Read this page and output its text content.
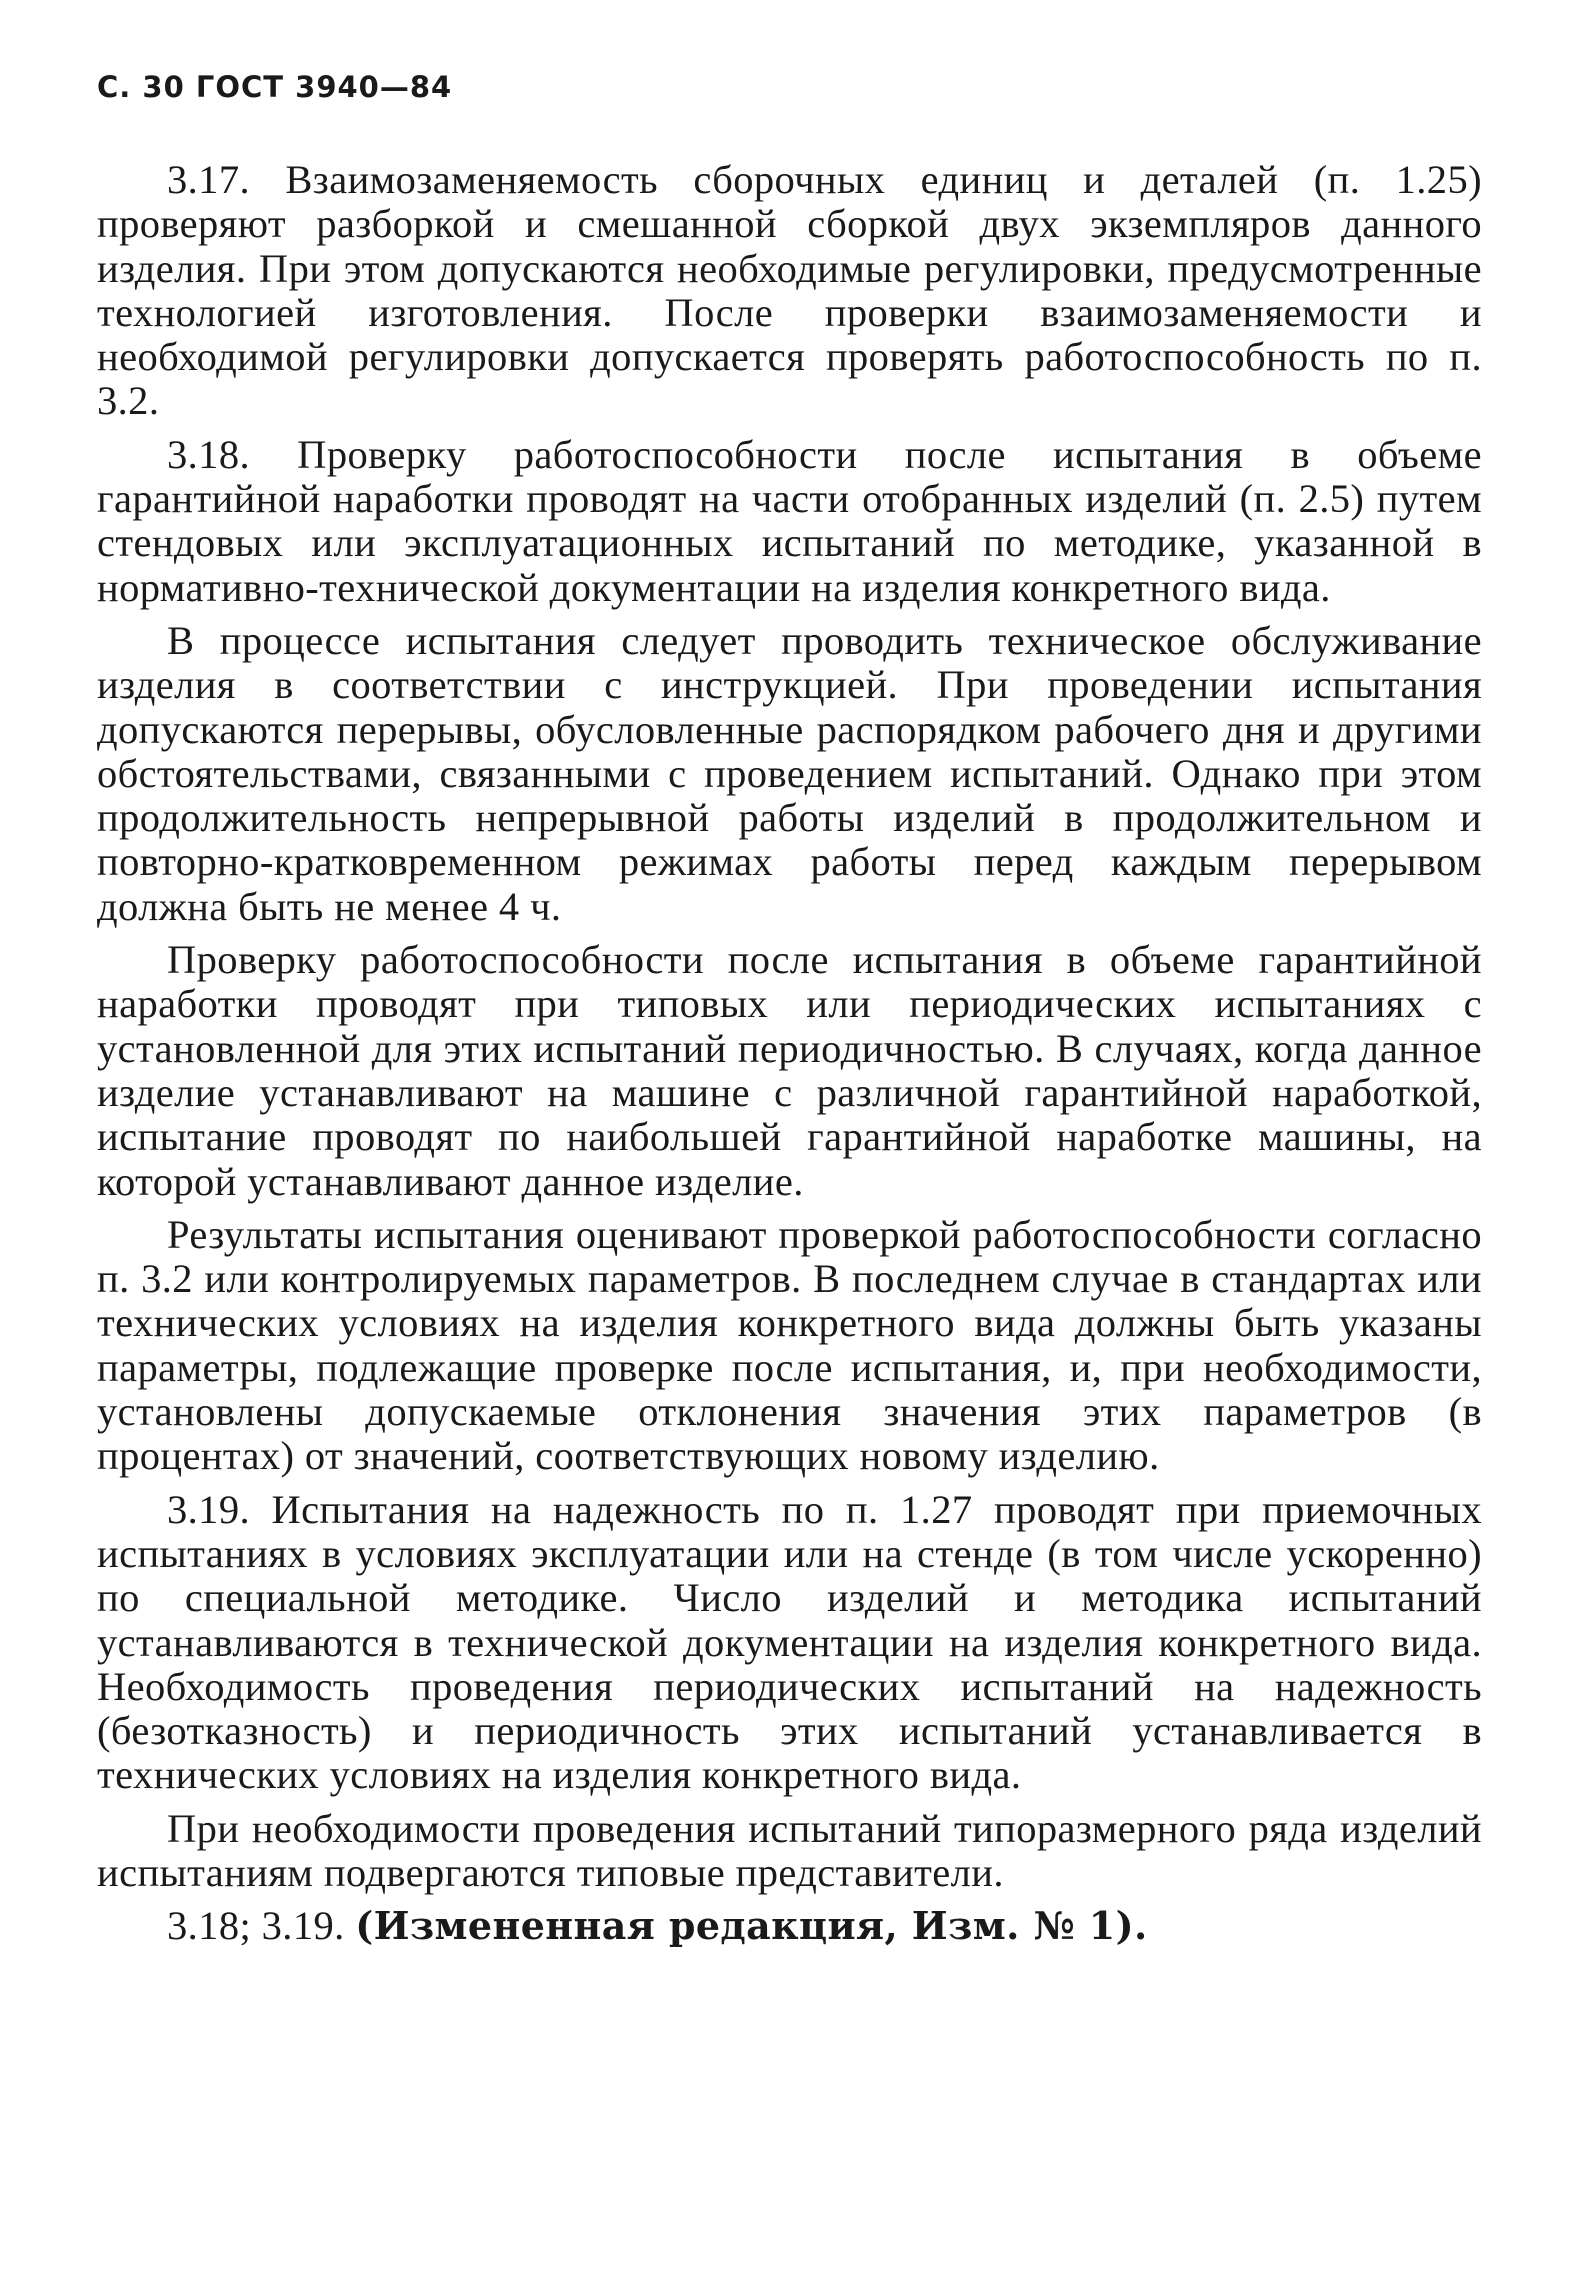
С. 30 ГОСТ 3940—84

3.17. Взаимозаменяемость сборочных единиц и деталей (п. 1.25) проверяют разборкой и смешанной сборкой двух экземпляров данного изделия. При этом допускаются необходимые регулировки, предусмотренные технологией изготовления. После проверки взаимозаменяемости и необходимой регулировки допускается проверять работоспособность по п. 3.2.

3.18. Проверку работоспособности после испытания в объеме гарантийной наработки проводят на части отобранных изделий (п. 2.5) путем стендовых или эксплуатационных испытаний по методике, указанной в нормативно-технической документации на изделия конкретного вида.

В процессе испытания следует проводить техническое обслуживание изделия в соответствии с инструкцией. При проведении испытания допускаются перерывы, обусловленные распорядком рабочего дня и другими обстоятельствами, связанными с проведением испытаний. Однако при этом продолжительность непрерывной работы изделий в продолжительном и повторно-кратковременном режимах работы перед каждым перерывом должна быть не менее 4 ч.

Проверку работоспособности после испытания в объеме гарантийной наработки проводят при типовых или периодических испытаниях с установленной для этих испытаний периодичностью. В случаях, когда данное изделие устанавливают на машине с различной гарантийной наработкой, испытание проводят по наибольшей гарантийной наработке машины, на которой устанавливают данное изделие.

Результаты испытания оценивают проверкой работоспособности согласно п. 3.2 или контролируемых параметров. В последнем случае в стандартах или технических условиях на изделия конкретного вида должны быть указаны параметры, подлежащие проверке после испытания, и, при необходимости, установлены допускаемые отклонения значения этих параметров (в процентах) от значений, соответствующих новому изделию.

3.19. Испытания на надежность по п. 1.27 проводят при приемочных испытаниях в условиях эксплуатации или на стенде (в том числе ускоренно) по специальной методике. Число изделий и методика испытаний устанавливаются в технической документации на изделия конкретного вида. Необходимость проведения периодических испытаний на надежность (безотказность) и периодичность этих испытаний устанавливается в технических условиях на изделия конкретного вида.

При необходимости проведения испытаний типоразмерного ряда изделий испытаниям подвергаются типовые представители.

3.18; 3.19. (Измененная редакция, Изм. № 1).
